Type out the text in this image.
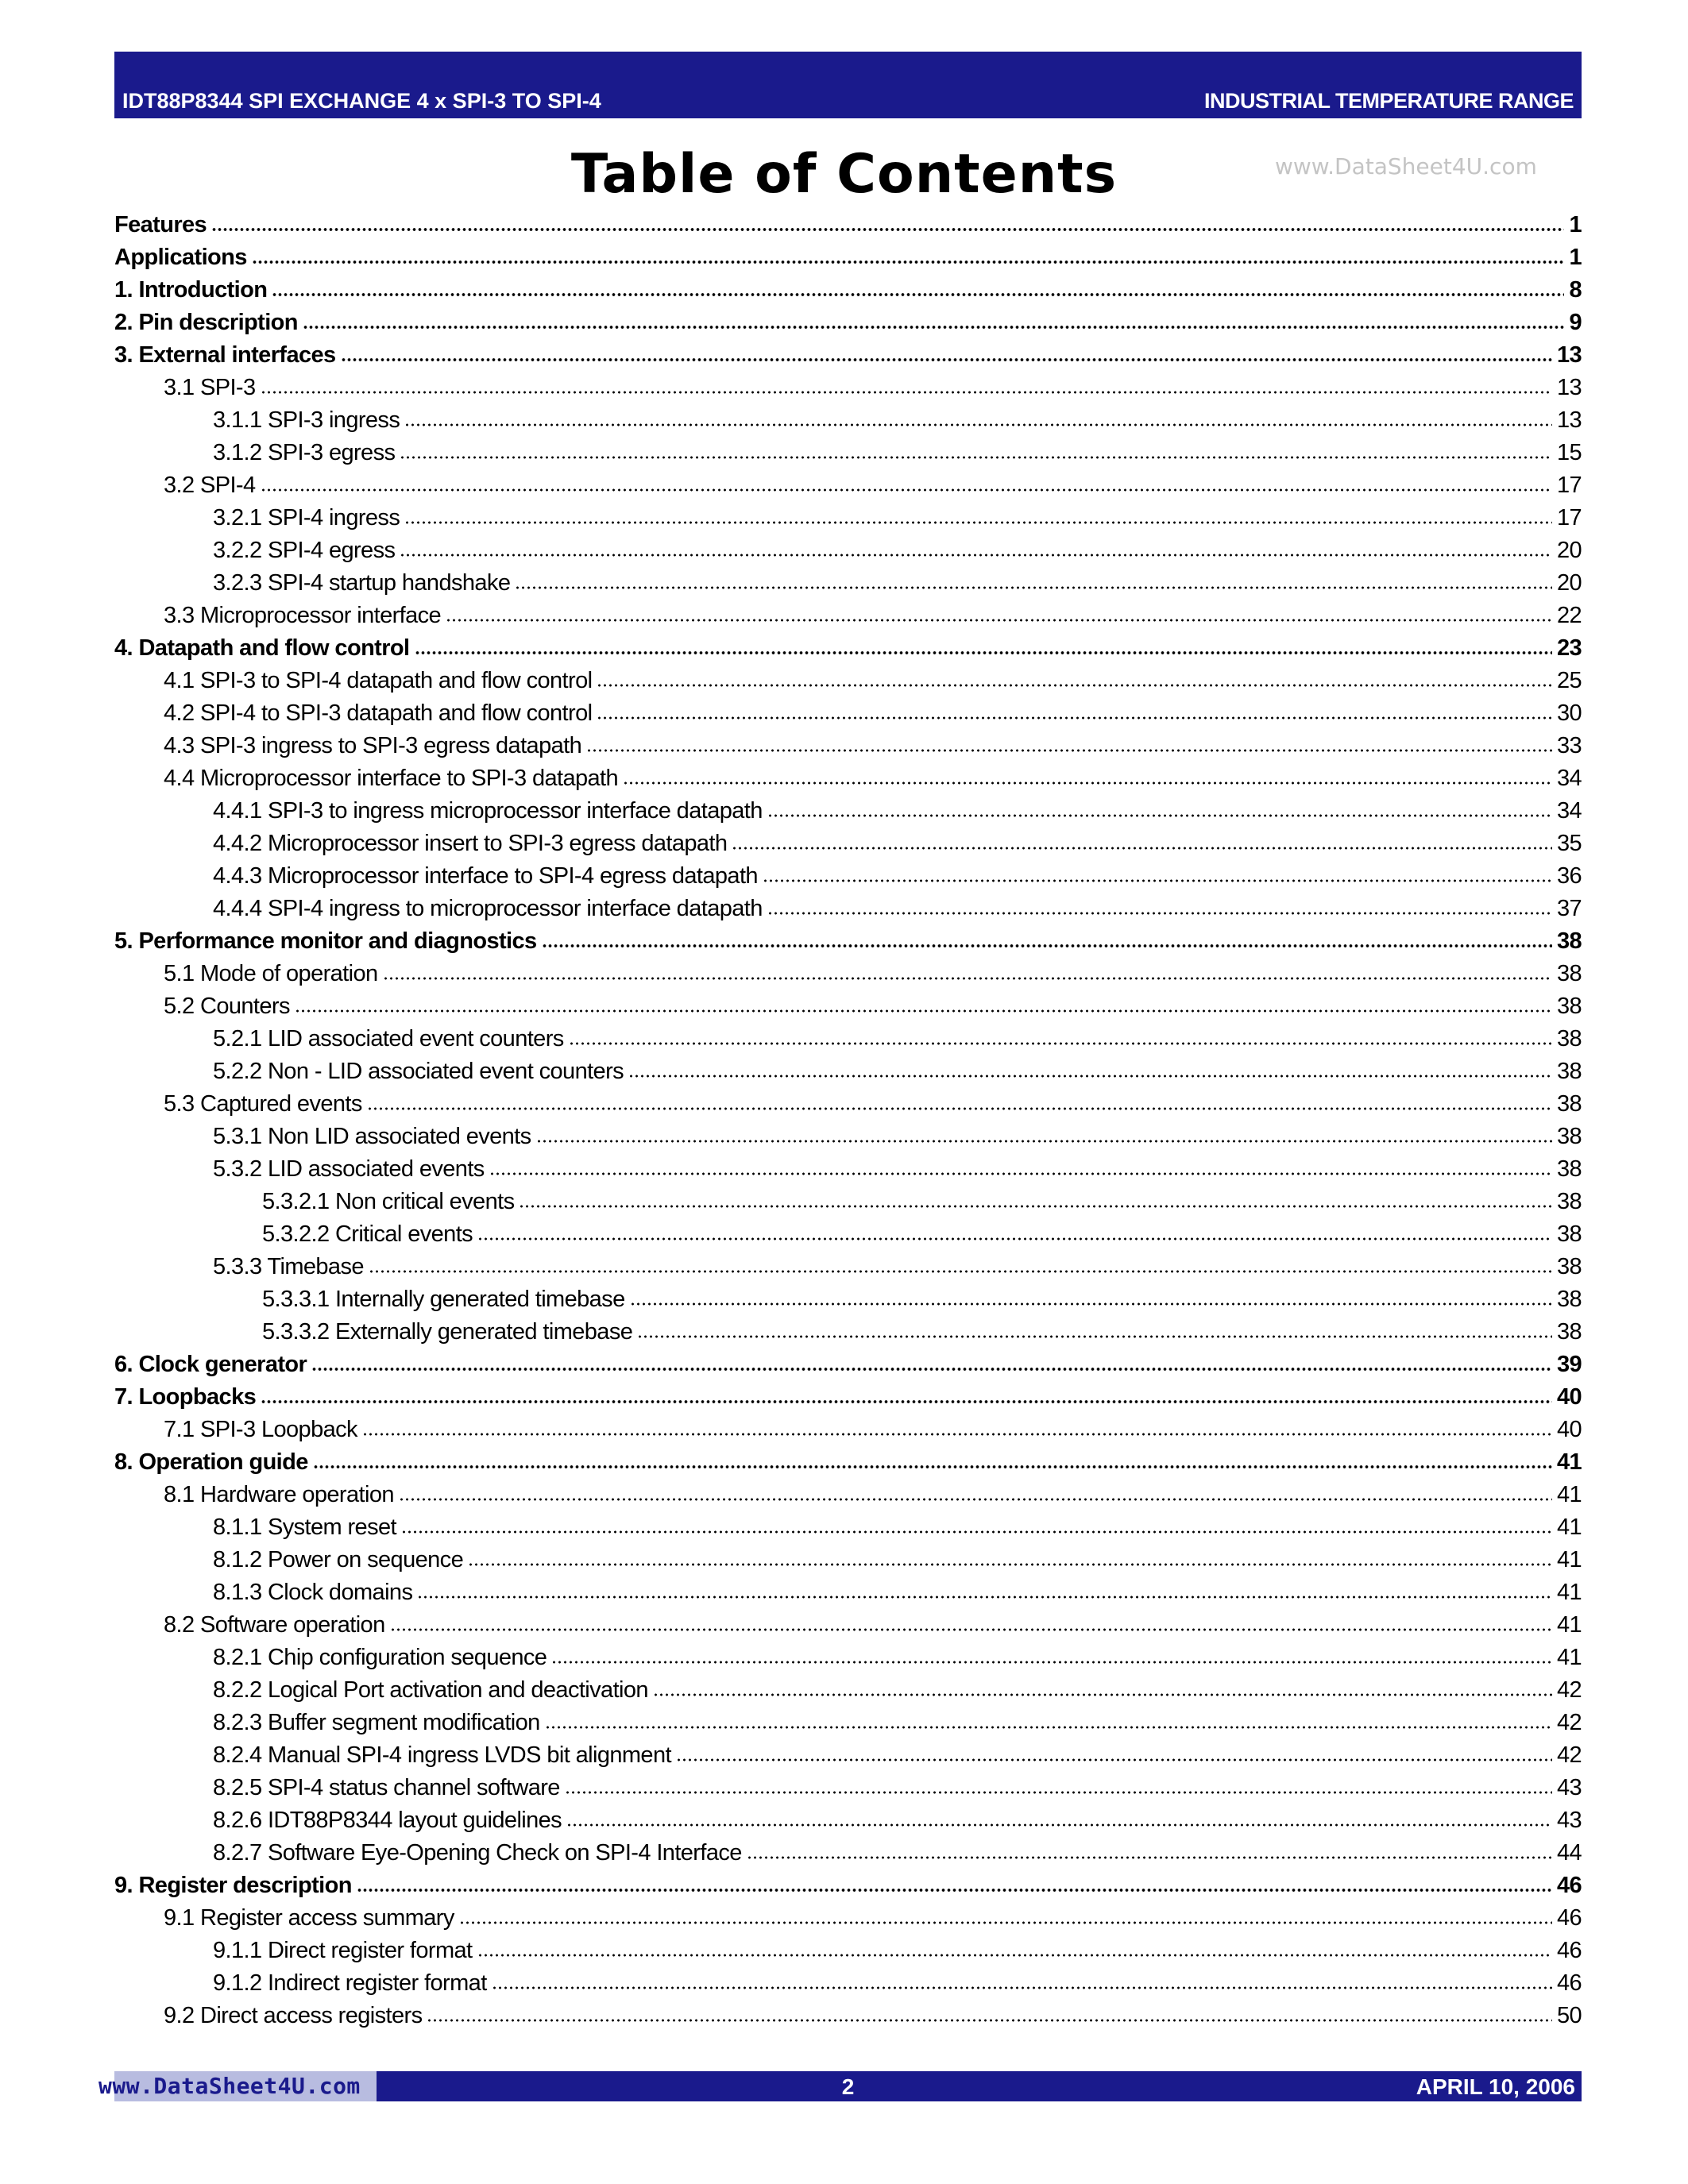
IDT88P8344 SPI EXCHANGE 4 x SPI-3 TO SPI-4	INDUSTRIAL TEMPERATURE RANGE
www.DataSheet4U.com
Table of Contents
Features	1
Applications	1
1. Introduction	8
2. Pin description	9
3. External interfaces	13
3.1 SPI-3	13
3.1.1 SPI-3 ingress	13
3.1.2 SPI-3 egress	15
3.2 SPI-4	17
3.2.1 SPI-4 ingress	17
3.2.2 SPI-4 egress	20
3.2.3 SPI-4 startup handshake	20
3.3 Microprocessor interface	22
4. Datapath and flow control	23
4.1 SPI-3 to SPI-4 datapath and flow control	25
4.2 SPI-4 to SPI-3 datapath and flow control	30
4.3 SPI-3 ingress to SPI-3 egress datapath	33
4.4 Microprocessor interface to SPI-3 datapath	34
4.4.1 SPI-3 to ingress microprocessor interface datapath	34
4.4.2 Microprocessor insert to SPI-3 egress datapath	35
4.4.3 Microprocessor interface to SPI-4 egress datapath	36
4.4.4 SPI-4 ingress to microprocessor interface datapath	37
5. Performance monitor and diagnostics	38
5.1 Mode of operation	38
5.2 Counters	38
5.2.1 LID associated event counters	38
5.2.2 Non - LID associated event counters	38
5.3 Captured events	38
5.3.1 Non LID associated events	38
5.3.2 LID associated events	38
5.3.2.1 Non critical events	38
5.3.2.2 Critical events	38
5.3.3 Timebase	38
5.3.3.1 Internally generated timebase	38
5.3.3.2 Externally generated timebase	38
6. Clock generator	39
7. Loopbacks	40
7.1 SPI-3 Loopback	40
8. Operation guide	41
8.1 Hardware operation	41
8.1.1 System reset	41
8.1.2 Power on sequence	41
8.1.3 Clock domains	41
8.2 Software operation	41
8.2.1 Chip configuration sequence	41
8.2.2 Logical Port activation and deactivation	42
8.2.3 Buffer segment modification	42
8.2.4 Manual SPI-4 ingress LVDS bit alignment	42
8.2.5 SPI-4 status channel software	43
8.2.6 IDT88P8344 layout guidelines	43
8.2.7 Software Eye-Opening Check on SPI-4 Interface	44
9. Register description	46
9.1 Register access summary	46
9.1.1 Direct register format	46
9.1.2 Indirect register format	46
9.2 Direct access registers	50
2	APRIL 10, 2006
www.DataSheet4U.com
